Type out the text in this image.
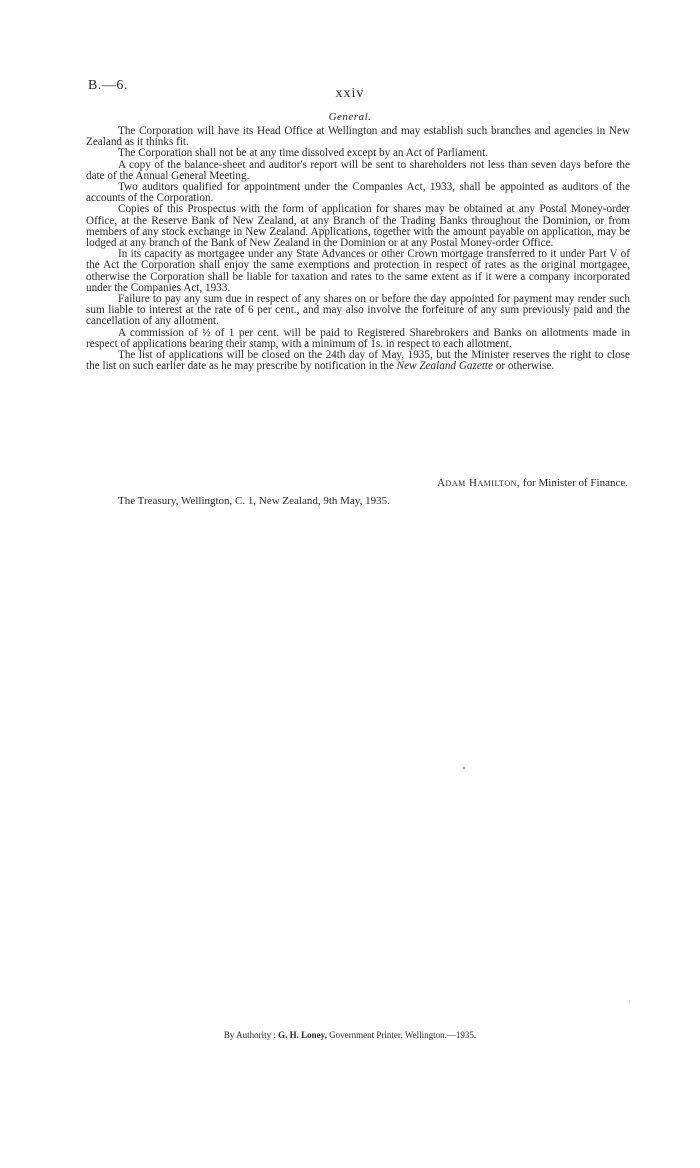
B.—6.
xxiv
General.

The Corporation will have its Head Office at Wellington and may establish such branches and agencies in New Zealand as it thinks fit.

The Corporation shall not be at any time dissolved except by an Act of Parliament.

A copy of the balance-sheet and auditor's report will be sent to shareholders not less than seven days before the date of the Annual General Meeting.

Two auditors qualified for appointment under the Companies Act, 1933, shall be appointed as auditors of the accounts of the Corporation.

Copies of this Prospectus with the form of application for shares may be obtained at any Postal Money-order Office, at the Reserve Bank of New Zealand, at any Branch of the Trading Banks throughout the Dominion, or from members of any stock exchange in New Zealand. Applications, together with the amount payable on application, may be lodged at any branch of the Bank of New Zealand in the Dominion or at any Postal Money-order Office.

In its capacity as mortgagee under any State Advances or other Crown mortgage transferred to it under Part V of the Act the Corporation shall enjoy the same exemptions and protection in respect of rates as the original mortgagee, otherwise the Corporation shall be liable for taxation and rates to the same extent as if it were a company incorporated under the Companies Act, 1933.

Failure to pay any sum due in respect of any shares on or before the day appointed for payment may render such sum liable to interest at the rate of 6 per cent., and may also involve the forfeiture of any sum previously paid and the cancellation of any allotment.

A commission of ½ of 1 per cent. will be paid to Registered Sharebrokers and Banks on allotments made in respect of applications bearing their stamp, with a minimum of 1s. in respect to each allotment.

The list of applications will be closed on the 24th day of May, 1935, but the Minister reserves the right to close the list on such earlier date as he may prescribe by notification in the New Zealand Gazette or otherwise.

Adam Hamilton, for Minister of Finance.
The Treasury, Wellington, C. 1, New Zealand, 9th May, 1935.
By Authority : G. H. Loney, Government Printer, Wellington.—1935.
